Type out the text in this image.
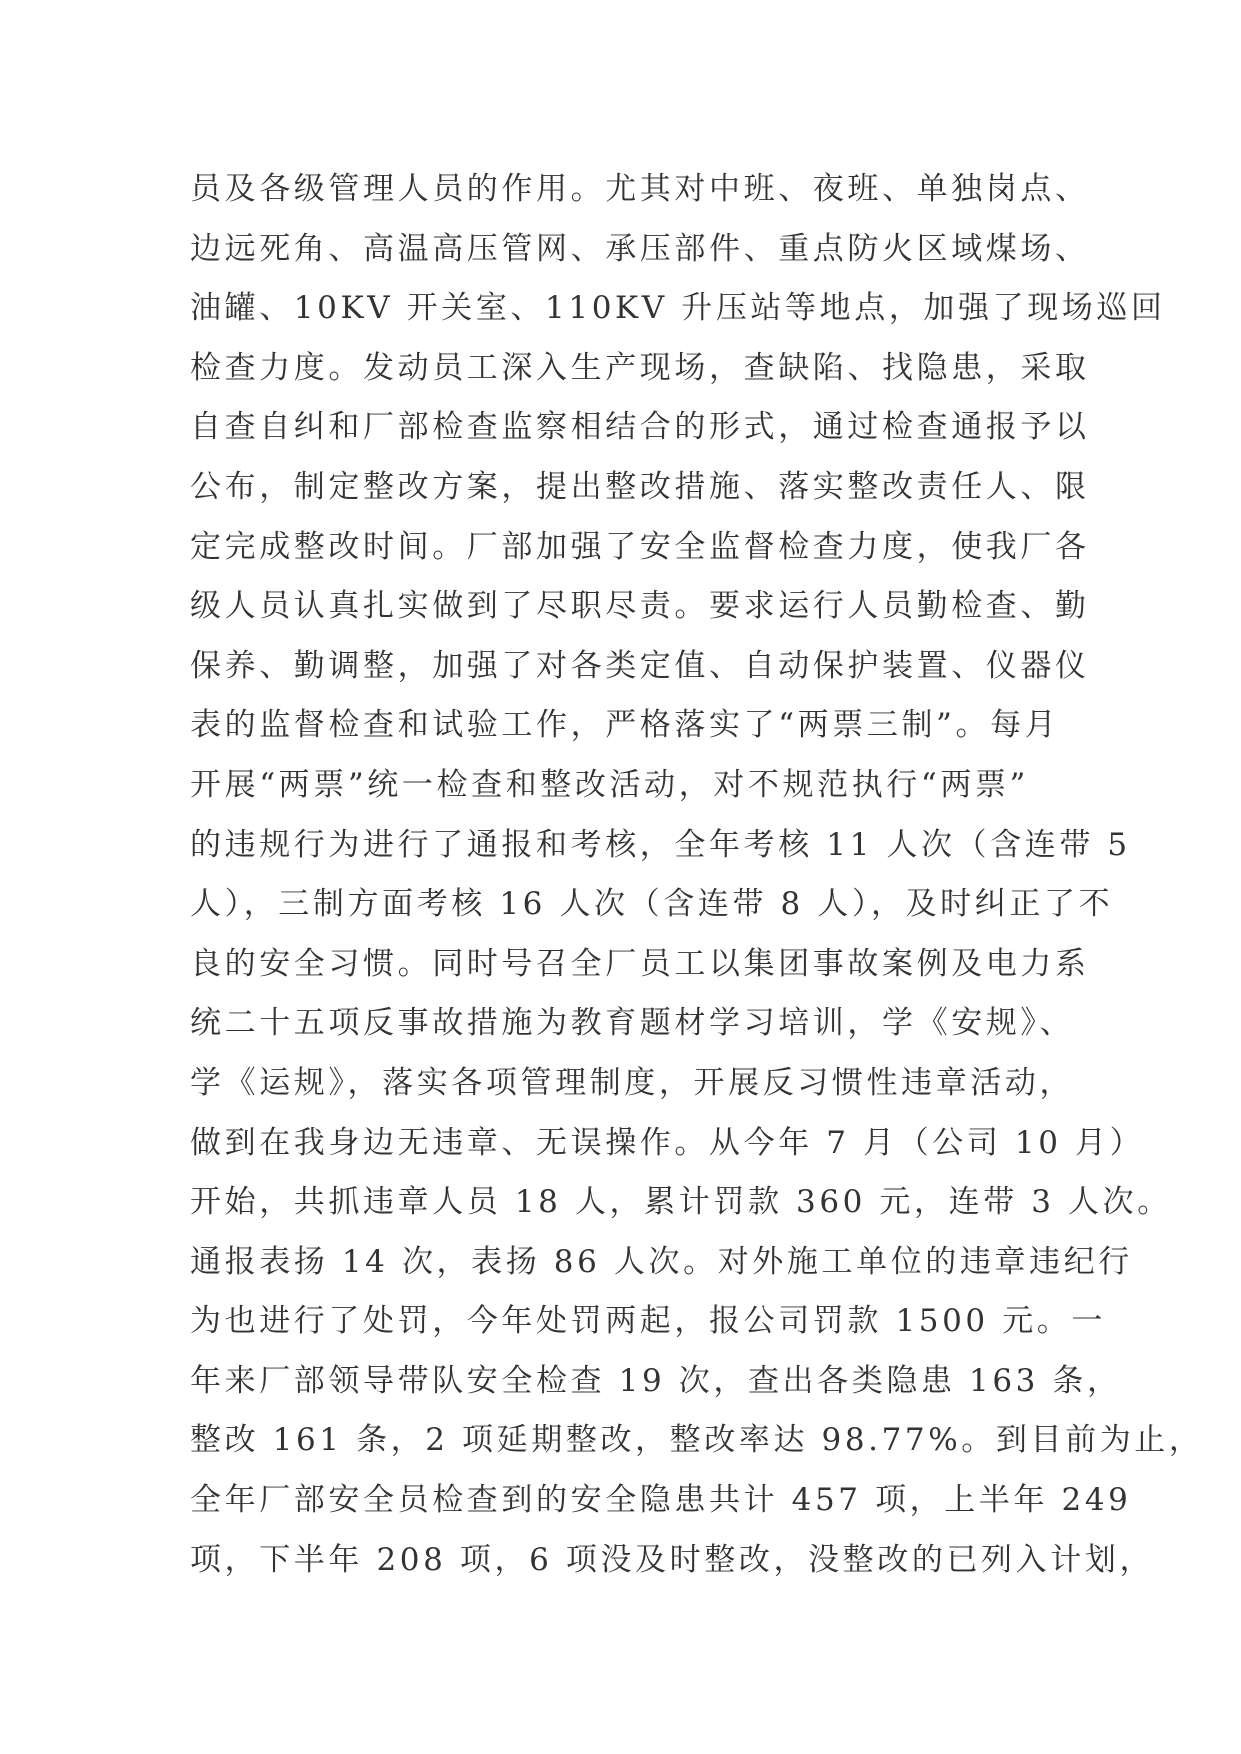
员及各级管理人员的作用。尤其对中班、夜班、单独岗点、
边远死角、高温高压管网、承压部件、重点防火区域煤场、
油罐、10KV 开关室、110KV 升压站等地点，加强了现场巡回
检查力度。发动员工深入生产现场，查缺陷、找隐患，采取
自查自纠和厂部检查监察相结合的形式，通过检查通报予以
公布，制定整改方案，提出整改措施、落实整改责任人、限
定完成整改时间。厂部加强了安全监督检查力度，使我厂各
级人员认真扎实做到了尽职尽责。要求运行人员勤检查、勤
保养、勤调整，加强了对各类定值、自动保护装置、仪器仪
表的监督检查和试验工作，严格落实了“两票三制”。每月
开展“两票”统一检查和整改活动，对不规范执行“两票”
的违规行为进行了通报和考核，全年考核 11 人次（含连带 5
人），三制方面考核 16 人次（含连带 8 人），及时纠正了不
良的安全习惯。同时号召全厂员工以集团事故案例及电力系
统二十五项反事故措施为教育题材学习培训，学《安规》、
学《运规》，落实各项管理制度，开展反习惯性违章活动，
做到在我身边无违章、无误操作。从今年 7 月（公司 10 月）
开始，共抓违章人员 18 人，累计罚款 360 元，连带 3 人次。
通报表扬 14 次，表扬 86 人次。对外施工单位的违章违纪行
为也进行了处罚，今年处罚两起，报公司罚款 1500 元。一
年来厂部领导带队安全检查 19 次，查出各类隐患 163 条，
整改 161 条，2 项延期整改，整改率达 98.77%。到目前为止，
全年厂部安全员检查到的安全隐患共计 457 项，上半年 249
项，下半年 208 项，6 项没及时整改，没整改的已列入计划，
